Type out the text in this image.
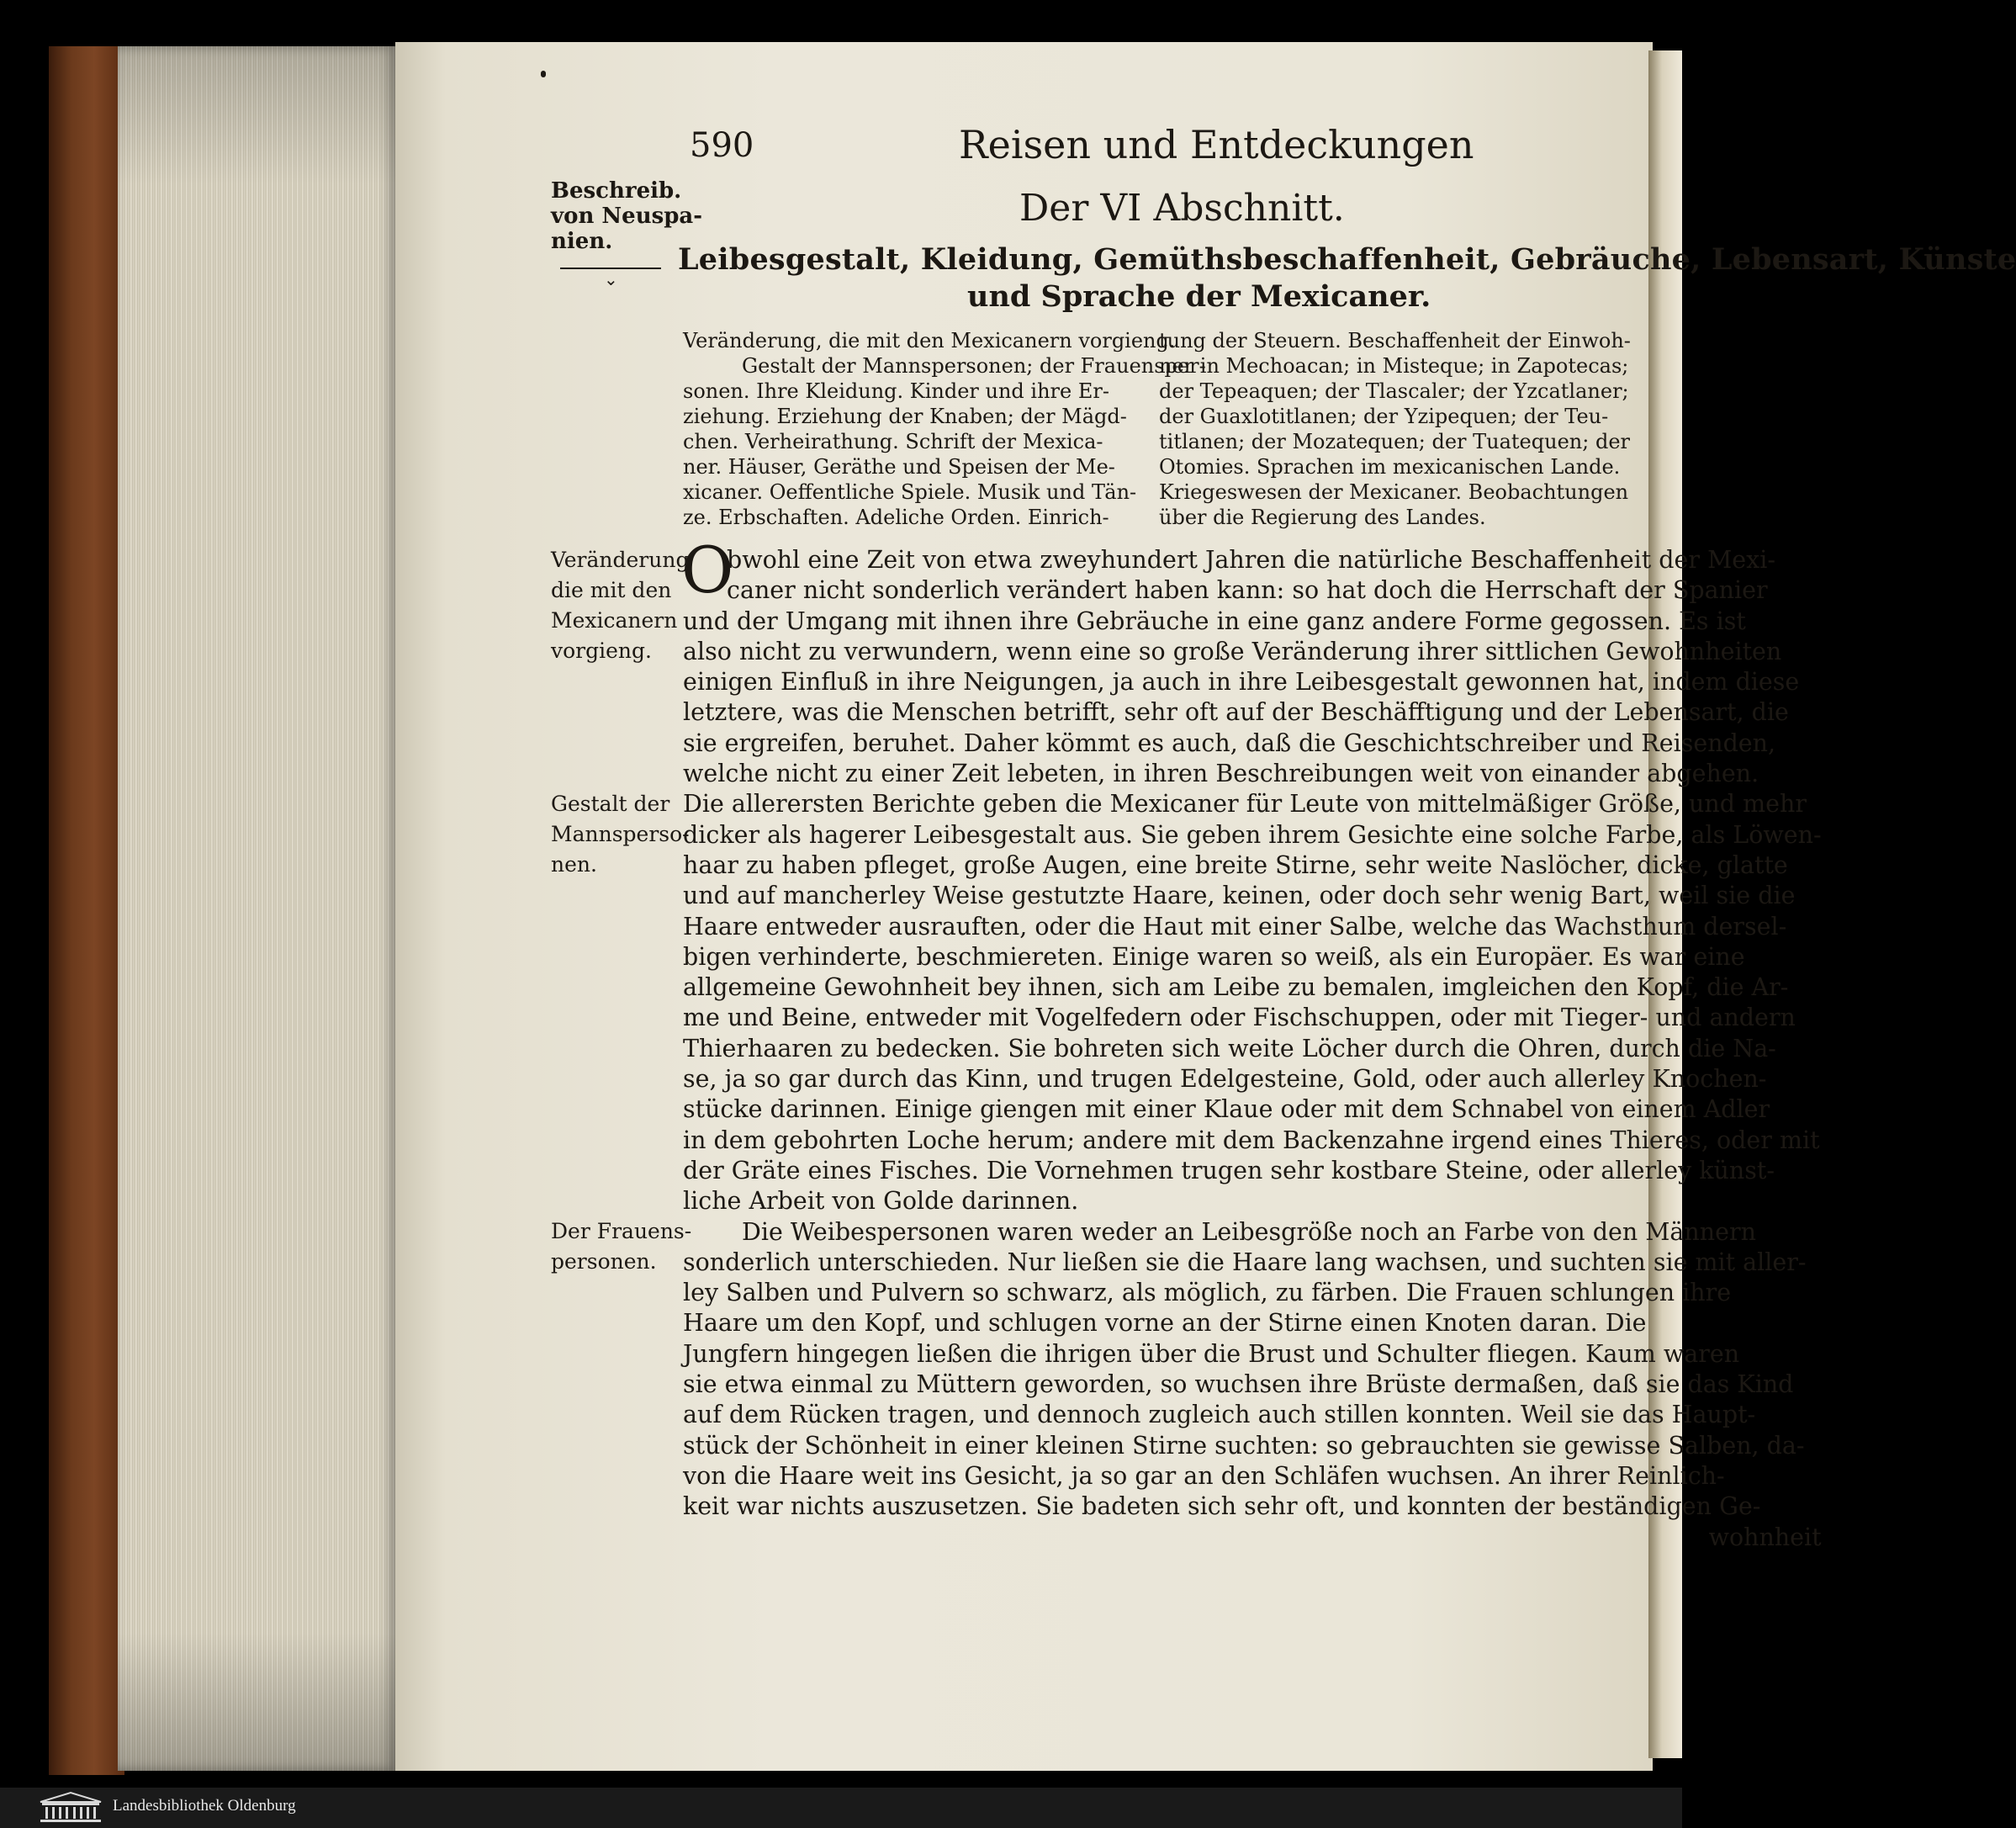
590	Reisen und Entdeckungen
Der VI Abschnitt.
Leibesgestalt, Kleidung, Gemüthsbeschaffenheit, Gebräuche, Lebensart, Künste
und Sprache der Mexicaner.
Beschreib.
von Neuspa-
nien.
⌄
Veränderung, die mit den Mexicanern vorgieng.
Gestalt der Mannspersonen; der Frauensper-
sonen. Ihre Kleidung. Kinder und ihre Er-
ziehung. Erziehung der Knaben; der Mägd-
chen. Verheirathung. Schrift der Mexica-
ner. Häuser, Geräthe und Speisen der Me-
xicaner. Oeffentliche Spiele. Musik und Tän-
ze. Erbschaften. Adeliche Orden. Einrich-
tung der Steuern. Beschaffenheit der Einwoh-
ner in Mechoacan; in Misteque; in Zapotecas;
der Tepeaquen; der Tlascaler; der Yzcatlaner;
der Guaxlotitlanen; der Yzipequen; der Teu-
titlanen; der Mozatequen; der Tuatequen; der
Otomies. Sprachen im mexicanischen Lande.
Kriegeswesen der Mexicaner. Beobachtungen
über die Regierung des Landes.
Veränderung
die mit den
Mexicanern
vorgieng.
Gestalt der
Mannsperso-
nen.
Der Frauens-
personen.
O
bwohl eine Zeit von etwa zweyhundert Jahren die natürliche Beschaffenheit der Mexi-
caner nicht sonderlich verändert haben kann: so hat doch die Herrschaft der Spanier
und der Umgang mit ihnen ihre Gebräuche in eine ganz andere Forme gegossen. Es ist
also nicht zu verwundern, wenn eine so große Veränderung ihrer sittlichen Gewohnheiten
einigen Einfluß in ihre Neigungen, ja auch in ihre Leibesgestalt gewonnen hat, indem diese
letztere, was die Menschen betrifft, sehr oft auf der Beschäfftigung und der Lebensart, die
sie ergreifen, beruhet. Daher kömmt es auch, daß die Geschichtschreiber und Reisenden,
welche nicht zu einer Zeit lebeten, in ihren Beschreibungen weit von einander abgehen.
Die allerersten Berichte geben die Mexicaner für Leute von mittelmäßiger Größe, und mehr
dicker als hagerer Leibesgestalt aus. Sie geben ihrem Gesichte eine solche Farbe, als Löwen-
haar zu haben pfleget, große Augen, eine breite Stirne, sehr weite Naslöcher, dicke, glatte
und auf mancherley Weise gestutzte Haare, keinen, oder doch sehr wenig Bart, weil sie die
Haare entweder ausrauften, oder die Haut mit einer Salbe, welche das Wachsthum dersel-
bigen verhinderte, beschmiereten. Einige waren so weiß, als ein Europäer. Es war eine
allgemeine Gewohnheit bey ihnen, sich am Leibe zu bemalen, imgleichen den Kopf, die Ar-
me und Beine, entweder mit Vogelfedern oder Fischschuppen, oder mit Tieger- und andern
Thierhaaren zu bedecken. Sie bohreten sich weite Löcher durch die Ohren, durch die Na-
se, ja so gar durch das Kinn, und trugen Edelgesteine, Gold, oder auch allerley Knochen-
stücke darinnen. Einige giengen mit einer Klaue oder mit dem Schnabel von einem Adler
in dem gebohrten Loche herum; andere mit dem Backenzahne irgend eines Thieres, oder mit
der Gräte eines Fisches. Die Vornehmen trugen sehr kostbare Steine, oder allerley künst-
liche Arbeit von Golde darinnen.
Die Weibespersonen waren weder an Leibesgröße noch an Farbe von den Männern
sonderlich unterschieden. Nur ließen sie die Haare lang wachsen, und suchten sie mit aller-
ley Salben und Pulvern so schwarz, als möglich, zu färben. Die Frauen schlungen ihre
Haare um den Kopf, und schlugen vorne an der Stirne einen Knoten daran. Die
Jungfern hingegen ließen die ihrigen über die Brust und Schulter fliegen. Kaum waren
sie etwa einmal zu Müttern geworden, so wuchsen ihre Brüste dermaßen, daß sie das Kind
auf dem Rücken tragen, und dennoch zugleich auch stillen konnten. Weil sie das Haupt-
stück der Schönheit in einer kleinen Stirne suchten: so gebrauchten sie gewisse Salben, da-
von die Haare weit ins Gesicht, ja so gar an den Schläfen wuchsen. An ihrer Reinlich-
keit war nichts auszusetzen. Sie badeten sich sehr oft, und konnten der beständigen Ge-
wohnheit
Landesbibliothek Oldenburg
